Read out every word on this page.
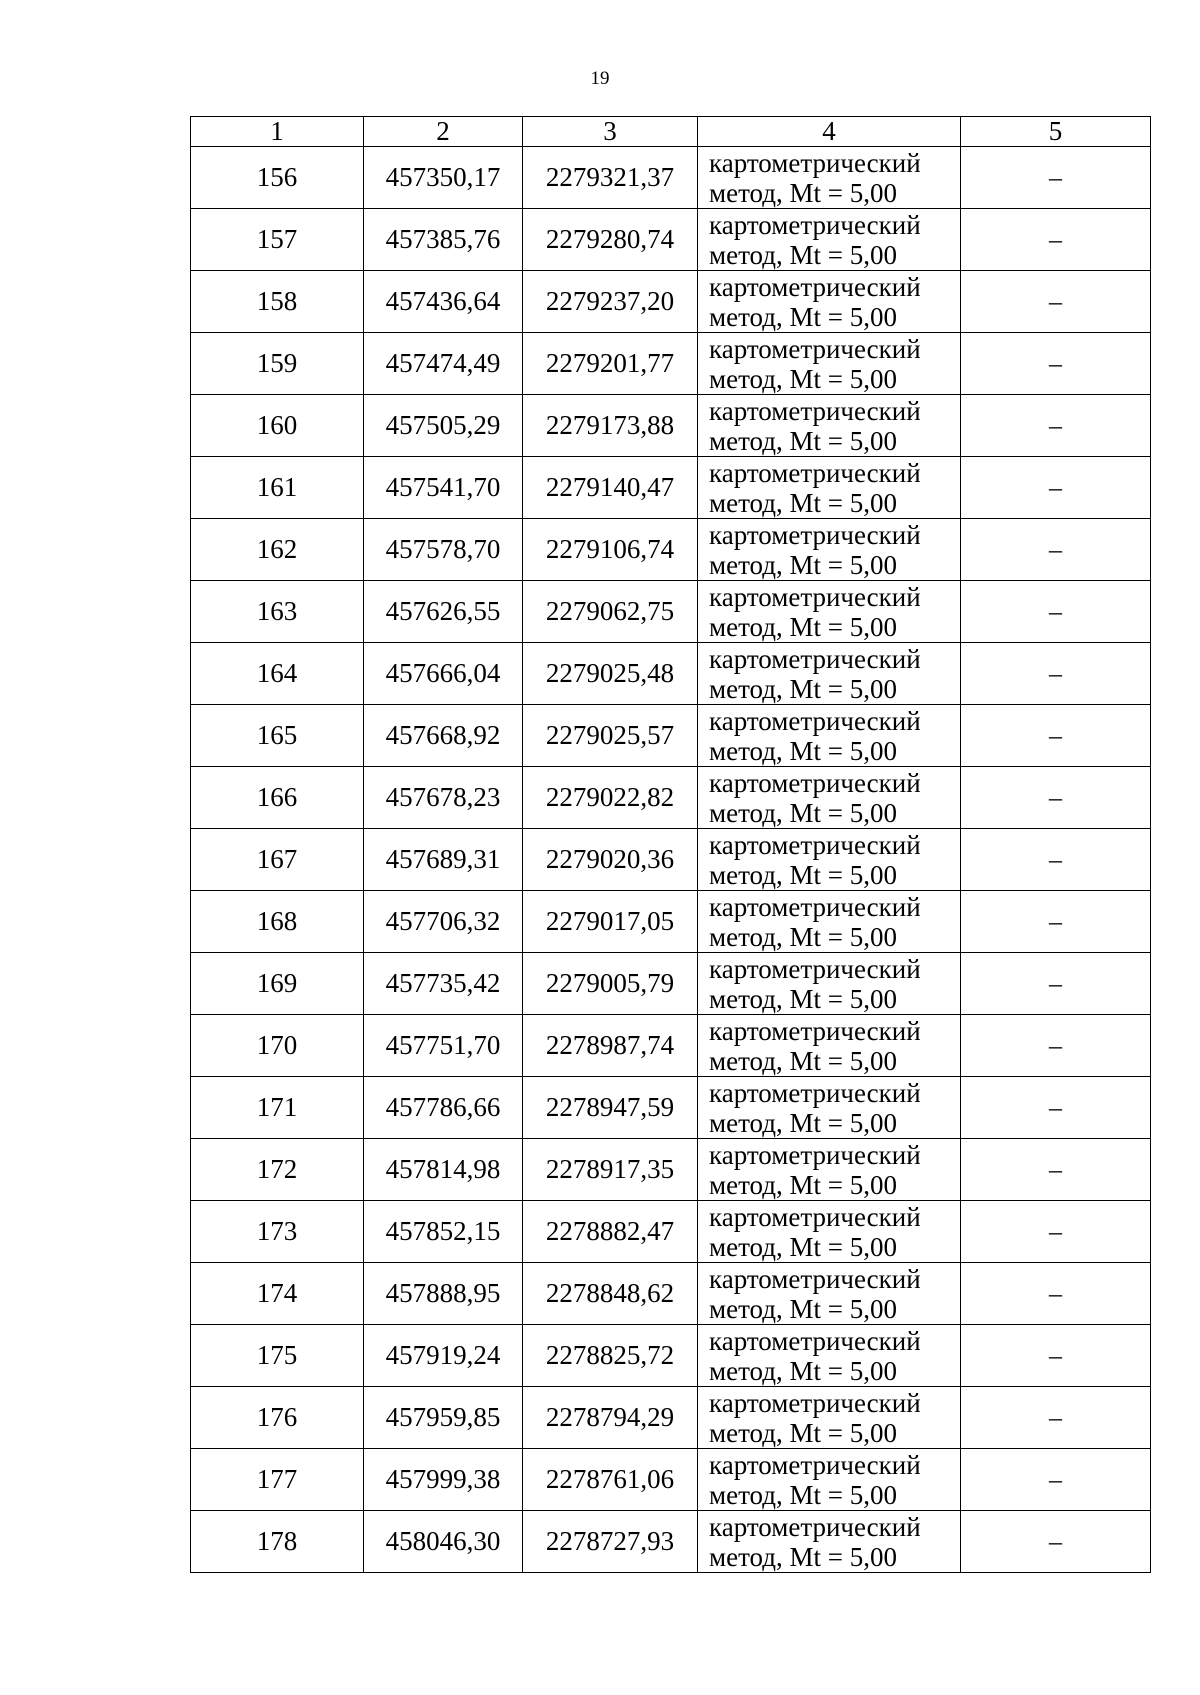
19
1	2	3	4	5
156	457350,17	2279321,37	картометрический
метод, Mt = 5,00	–
157	457385,76	2279280,74	картометрический
метод, Mt = 5,00	–
158	457436,64	2279237,20	картометрический
метод, Mt = 5,00	–
159	457474,49	2279201,77	картометрический
метод, Mt = 5,00	–
160	457505,29	2279173,88	картометрический
метод, Mt = 5,00	–
161	457541,70	2279140,47	картометрический
метод, Mt = 5,00	–
162	457578,70	2279106,74	картометрический
метод, Mt = 5,00	–
163	457626,55	2279062,75	картометрический
метод, Mt = 5,00	–
164	457666,04	2279025,48	картометрический
метод, Mt = 5,00	–
165	457668,92	2279025,57	картометрический
метод, Mt = 5,00	–
166	457678,23	2279022,82	картометрический
метод, Mt = 5,00	–
167	457689,31	2279020,36	картометрический
метод, Mt = 5,00	–
168	457706,32	2279017,05	картометрический
метод, Mt = 5,00	–
169	457735,42	2279005,79	картометрический
метод, Mt = 5,00	–
170	457751,70	2278987,74	картометрический
метод, Mt = 5,00	–
171	457786,66	2278947,59	картометрический
метод, Mt = 5,00	–
172	457814,98	2278917,35	картометрический
метод, Mt = 5,00	–
173	457852,15	2278882,47	картометрический
метод, Mt = 5,00	–
174	457888,95	2278848,62	картометрический
метод, Mt = 5,00	–
175	457919,24	2278825,72	картометрический
метод, Mt = 5,00	–
176	457959,85	2278794,29	картометрический
метод, Mt = 5,00	–
177	457999,38	2278761,06	картометрический
метод, Mt = 5,00	–
178	458046,30	2278727,93	картометрический
метод, Mt = 5,00	–
